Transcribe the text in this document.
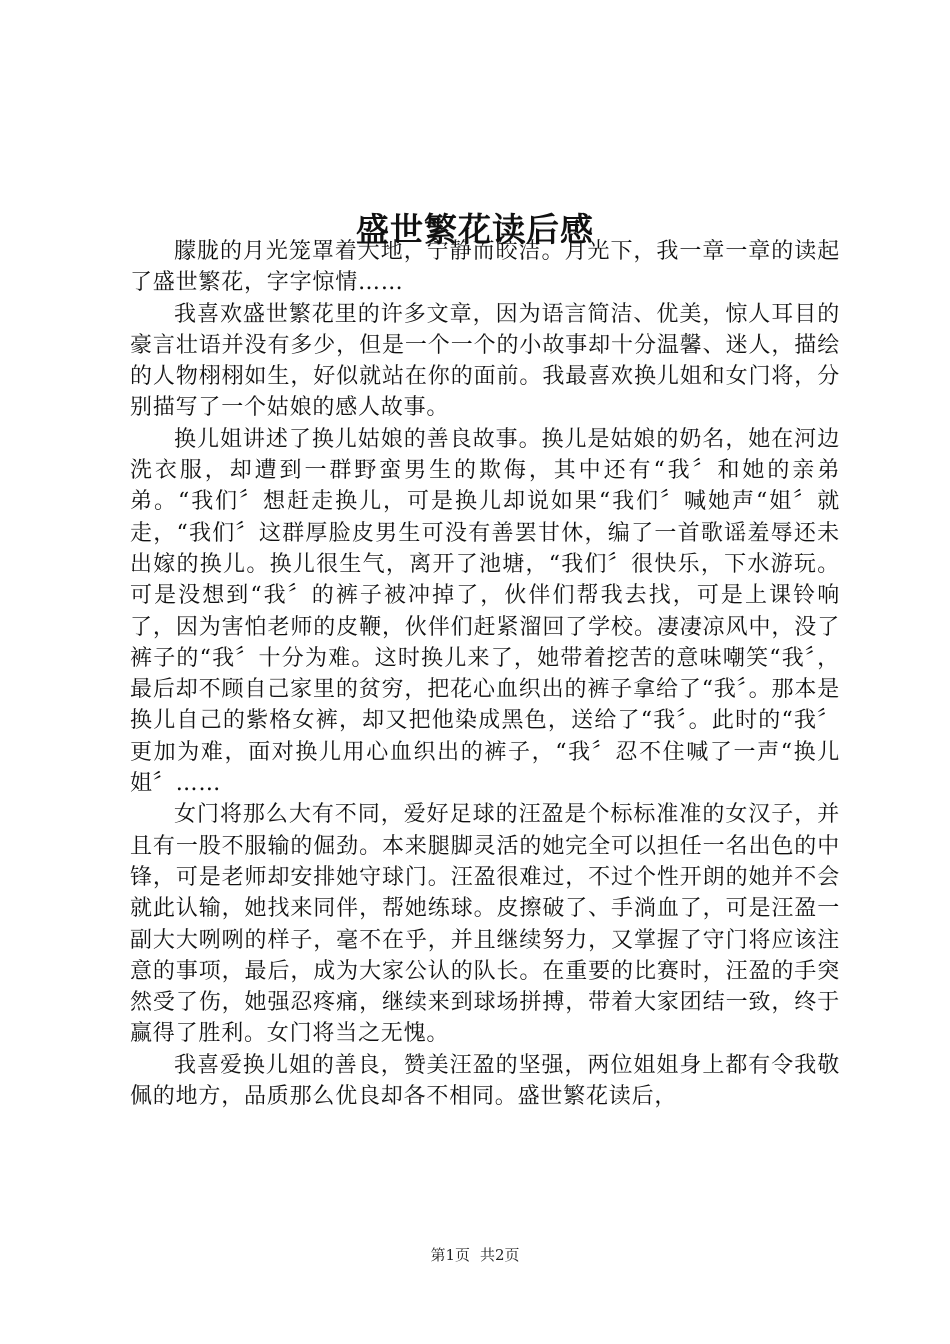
盛世繁花读后感

朦胧的月光笼罩着大地，宁静而皎洁。月光下，我一章一章的读起了盛世繁花，字字惊情……

我喜欢盛世繁花里的许多文章，因为语言简洁、优美，惊人耳目的豪言壮语并没有多少，但是一个一个的小故事却十分温馨、迷人，描绘的人物栩栩如生，好似就站在你的面前。我最喜欢换儿姐和女门将，分别描写了一个姑娘的感人故事。

换儿姐讲述了换儿姑娘的善良故事。换儿是姑娘的奶名，她在河边洗衣服，却遭到一群野蛮男生的欺侮，其中还有“我〞和她的亲弟弟。“我们〞想赶走换儿，可是换儿却说如果“我们〞喊她声“姐〞就走，“我们〞这群厚脸皮男生可没有善罢甘休，编了一首歌谣羞辱还未出嫁的换儿。换儿很生气，离开了池塘，“我们〞很快乐，下水游玩。可是没想到“我〞的裤子被冲掉了，伙伴们帮我去找，可是上课铃响了，因为害怕老师的皮鞭，伙伴们赶紧溜回了学校。凄凄凉风中，没了裤子的“我〞十分为难。这时换儿来了，她带着挖苦的意味嘲笑“我〞，最后却不顾自己家里的贫穷，把花心血织出的裤子拿给了“我〞。那本是换儿自己的紫格女裤，却又把他染成黑色，送给了“我〞。此时的“我〞更加为难，面对换儿用心血织出的裤子，“我〞忍不住喊了一声“换儿姐〞……

女门将那么大有不同，爱好足球的汪盈是个标标准准的女汉子，并且有一股不服输的倔劲。本来腿脚灵活的她完全可以担任一名出色的中锋，可是老师却安排她守球门。汪盈很难过，不过个性开朗的她并不会就此认输，她找来同伴，帮她练球。皮擦破了、手淌血了，可是汪盈一副大大咧咧的样子，毫不在乎，并且继续努力，又掌握了守门将应该注意的事项，最后，成为大家公认的队长。在重要的比赛时，汪盈的手突然受了伤，她强忍疼痛，继续来到球场拼搏，带着大家团结一致，终于赢得了胜利。女门将当之无愧。

我喜爱换儿姐的善良，赞美汪盈的坚强，两位姐姐身上都有令我敬佩的地方，品质那么优良却各不相同。盛世繁花读后，

第1页 共2页
